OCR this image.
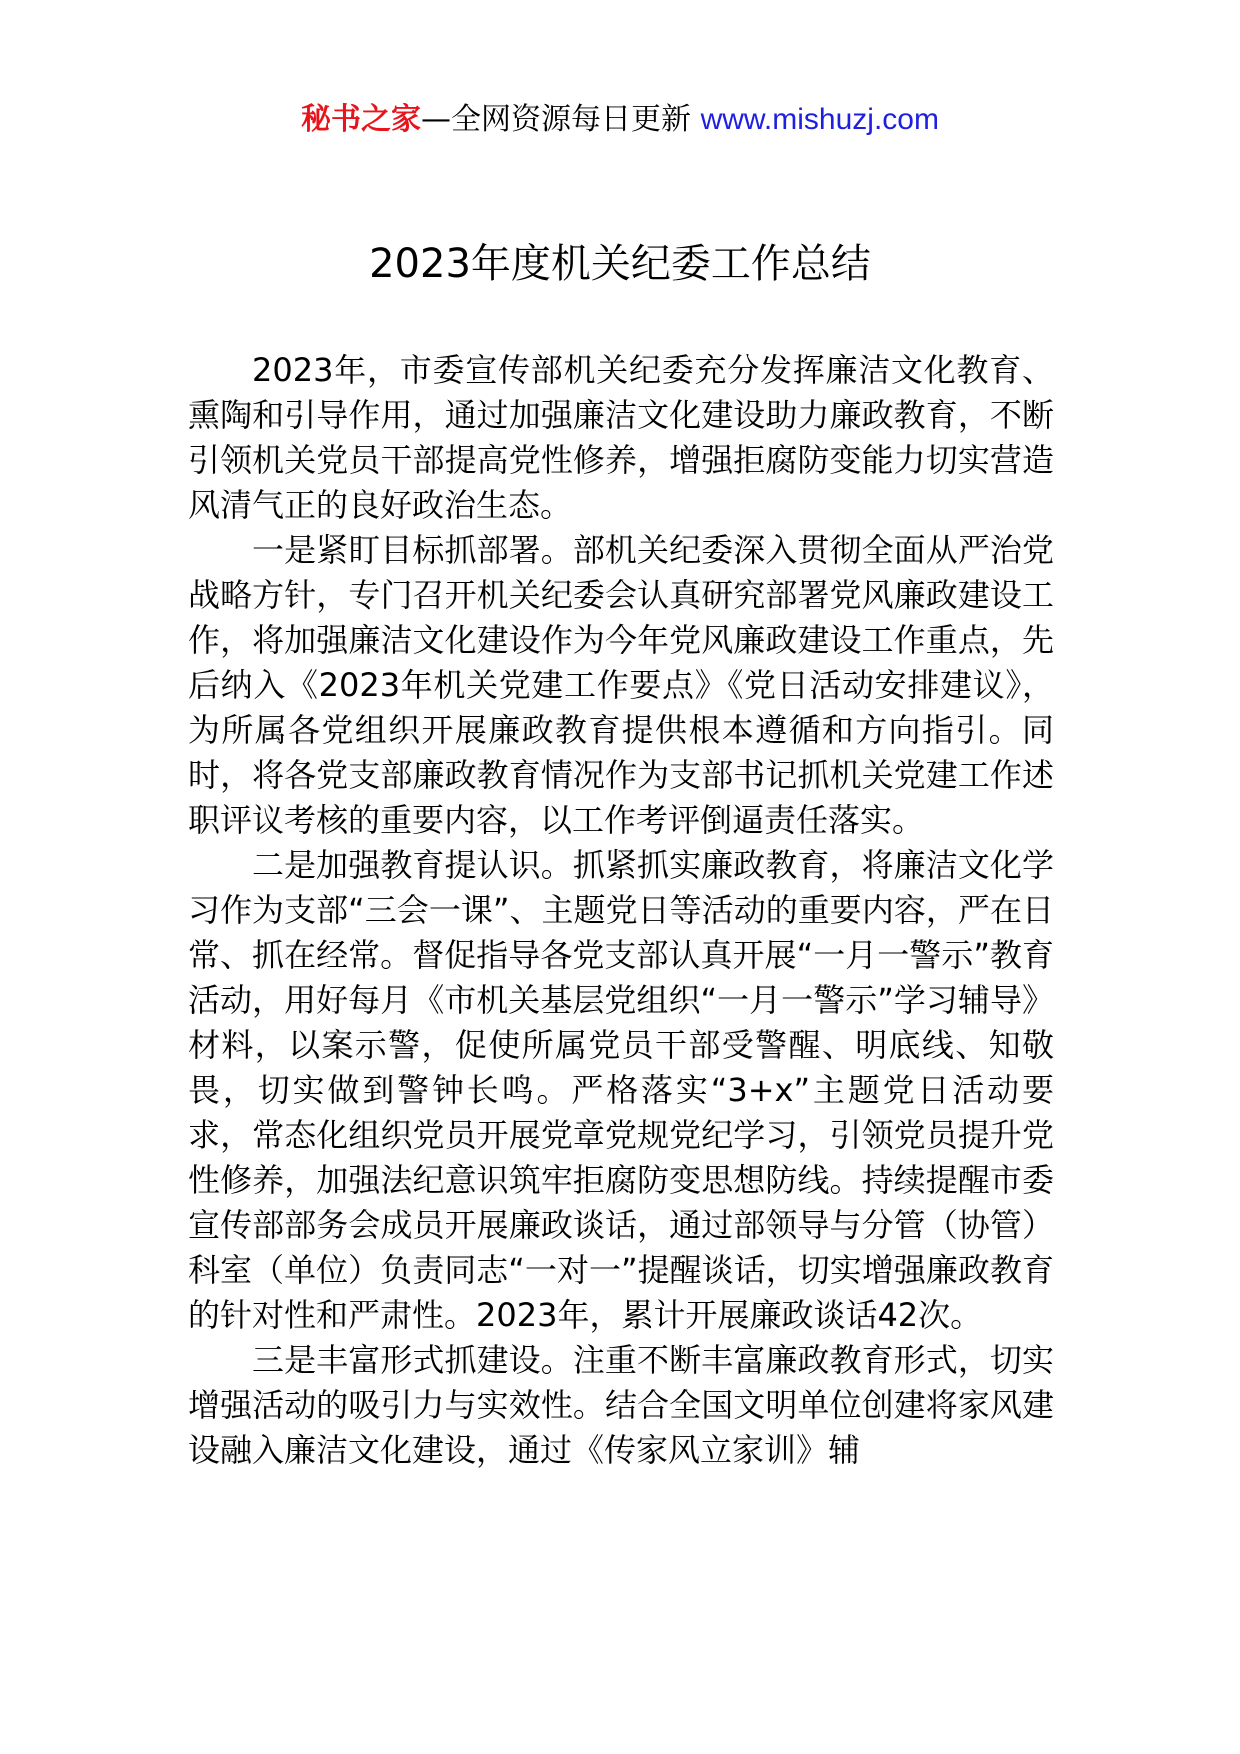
秘书之家—全网资源每日更新 www.mishuzj.com
2023年度机关纪委工作总结

2023年，市委宣传部机关纪委充分发挥廉洁文化教育、熏陶和引导作用，通过加强廉洁文化建设助力廉政教育，不断引领机关党员干部提高党性修养，增强拒腐防变能力切实营造风清气正的良好政治生态。

一是紧盯目标抓部署。部机关纪委深入贯彻全面从严治党战略方针，专门召开机关纪委会认真研究部署党风廉政建设工作，将加强廉洁文化建设作为今年党风廉政建设工作重点，先后纳入《2023年机关党建工作要点》《党日活动安排建议》，为所属各党组织开展廉政教育提供根本遵循和方向指引。同时，将各党支部廉政教育情况作为支部书记抓机关党建工作述职评议考核的重要内容，以工作考评倒逼责任落实。

二是加强教育提认识。抓紧抓实廉政教育，将廉洁文化学习作为支部“三会一课”、主题党日等活动的重要内容，严在日常、抓在经常。督促指导各党支部认真开展“一月一警示”教育活动，用好每月《市机关基层党组织“一月一警示”学习辅导》材料，以案示警，促使所属党员干部受警醒、明底线、知敬畏，切实做到警钟长鸣。严格落实“3+x”主题党日活动要求，常态化组织党员开展党章党规党纪学习，引领党员提升党性修养，加强法纪意识筑牢拒腐防变思想防线。持续提醒市委宣传部部务会成员开展廉政谈话，通过部领导与分管（协管）科室（单位）负责同志“一对一”提醒谈话，切实增强廉政教育的针对性和严肃性。2023年，累计开展廉政谈话42次。

三是丰富形式抓建设。注重不断丰富廉政教育形式，切实增强活动的吸引力与实效性。结合全国文明单位创建将家风建设融入廉洁文化建设，通过《传家风立家训》辅
